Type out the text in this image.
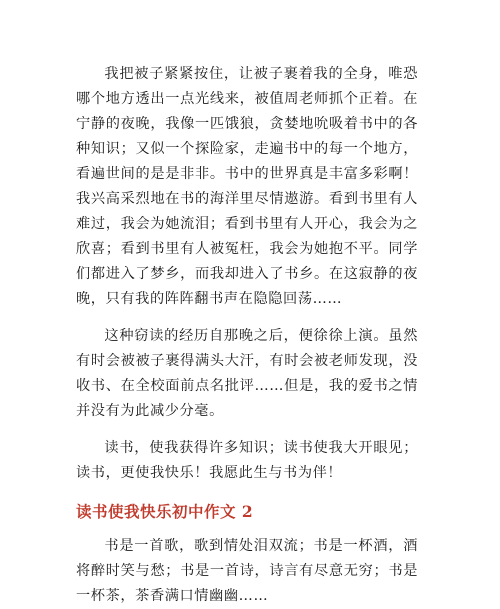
我把被子紧紧按住，让被子裹着我的全身，唯恐哪个地方透出一点光线来，被值周老师抓个正着。在宁静的夜晚，我像一匹饿狼，贪婪地吮吸着书中的各种知识；又似一个探险家，走遍书中的每一个地方，看遍世间的是是非非。书中的世界真是丰富多彩啊！我兴高采烈地在书的海洋里尽情遨游。看到书里有人难过，我会为她流泪；看到书里有人开心，我会为之欣喜；看到书里有人被冤枉，我会为她抱不平。同学们都进入了梦乡，而我却进入了书乡。在这寂静的夜晚，只有我的阵阵翻书声在隐隐回荡……

这种窃读的经历自那晚之后，便徐徐上演。虽然有时会被被子裹得满头大汗，有时会被老师发现，没收书、在全校面前点名批评……但是，我的爱书之情并没有为此减少分毫。

读书，使我获得许多知识；读书使我大开眼见；读书，更使我快乐！我愿此生与书为伴！

读书使我快乐初中作文 2

书是一首歌，歌到情处泪双流；书是一杯酒，酒将醉时笑与愁；书是一首诗，诗言有尽意无穷；书是一杯茶，茶香满口情幽幽……
